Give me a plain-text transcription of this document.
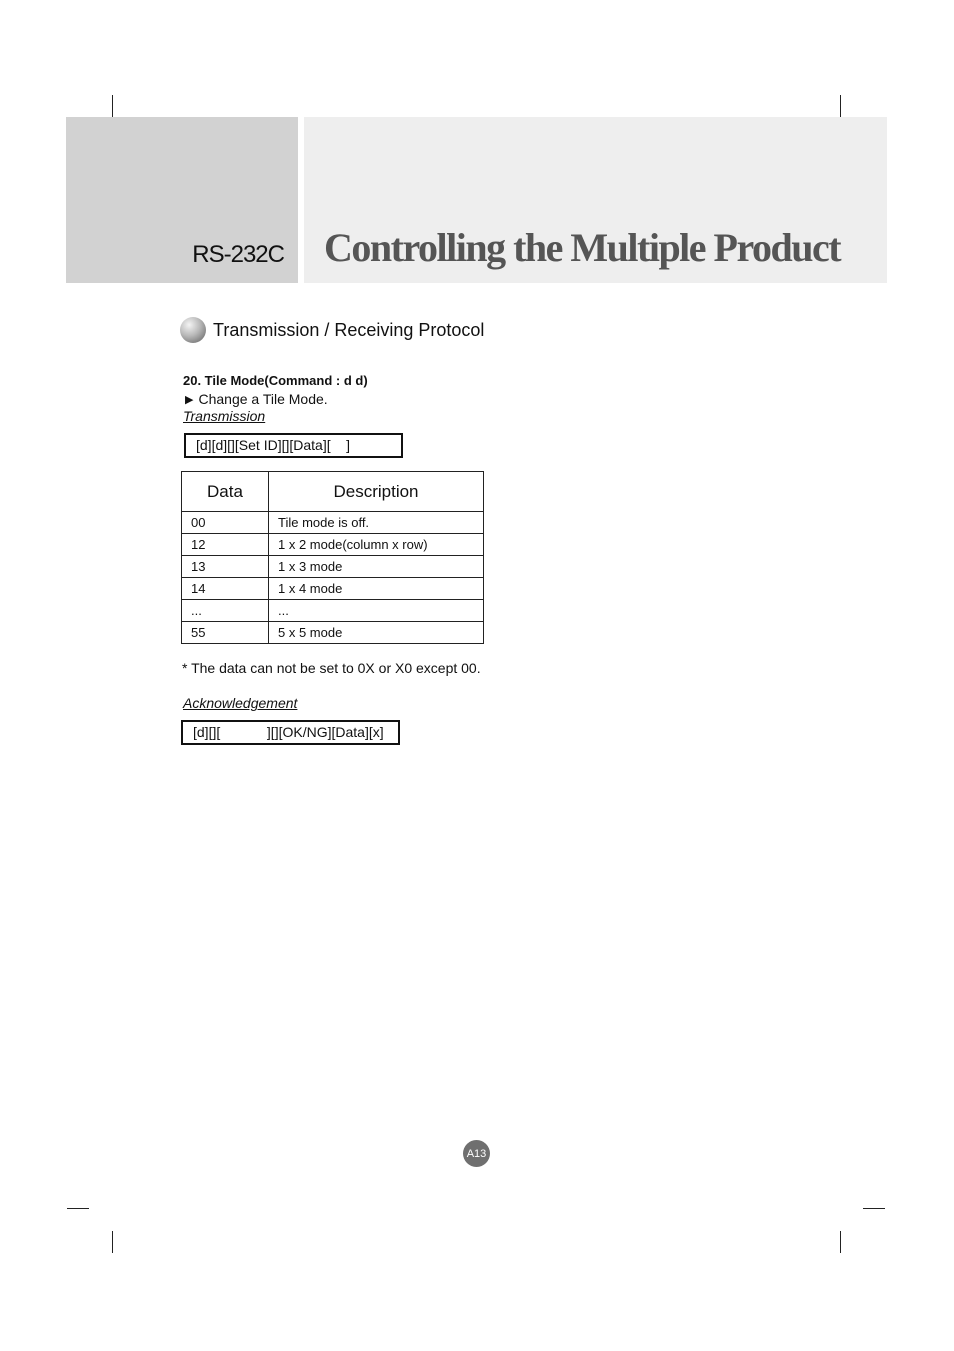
RS-232C Controlling the Multiple Product
Transmission / Receiving Protocol
20. Tile Mode(Command : d d)
▶ Change a Tile Mode.
Transmission
[d][d][][Set ID][][Data][    ]
Data	Description
00	Tile mode is off.
12	1 x 2 mode(column x row)
13	1 x 3 mode
14	1 x 4 mode
...	...
55	5 x 5 mode
* The data can not be set to 0X or X0 except 00.
Acknowledgement
[d][][            ][][OK/NG][Data][x]
A13
